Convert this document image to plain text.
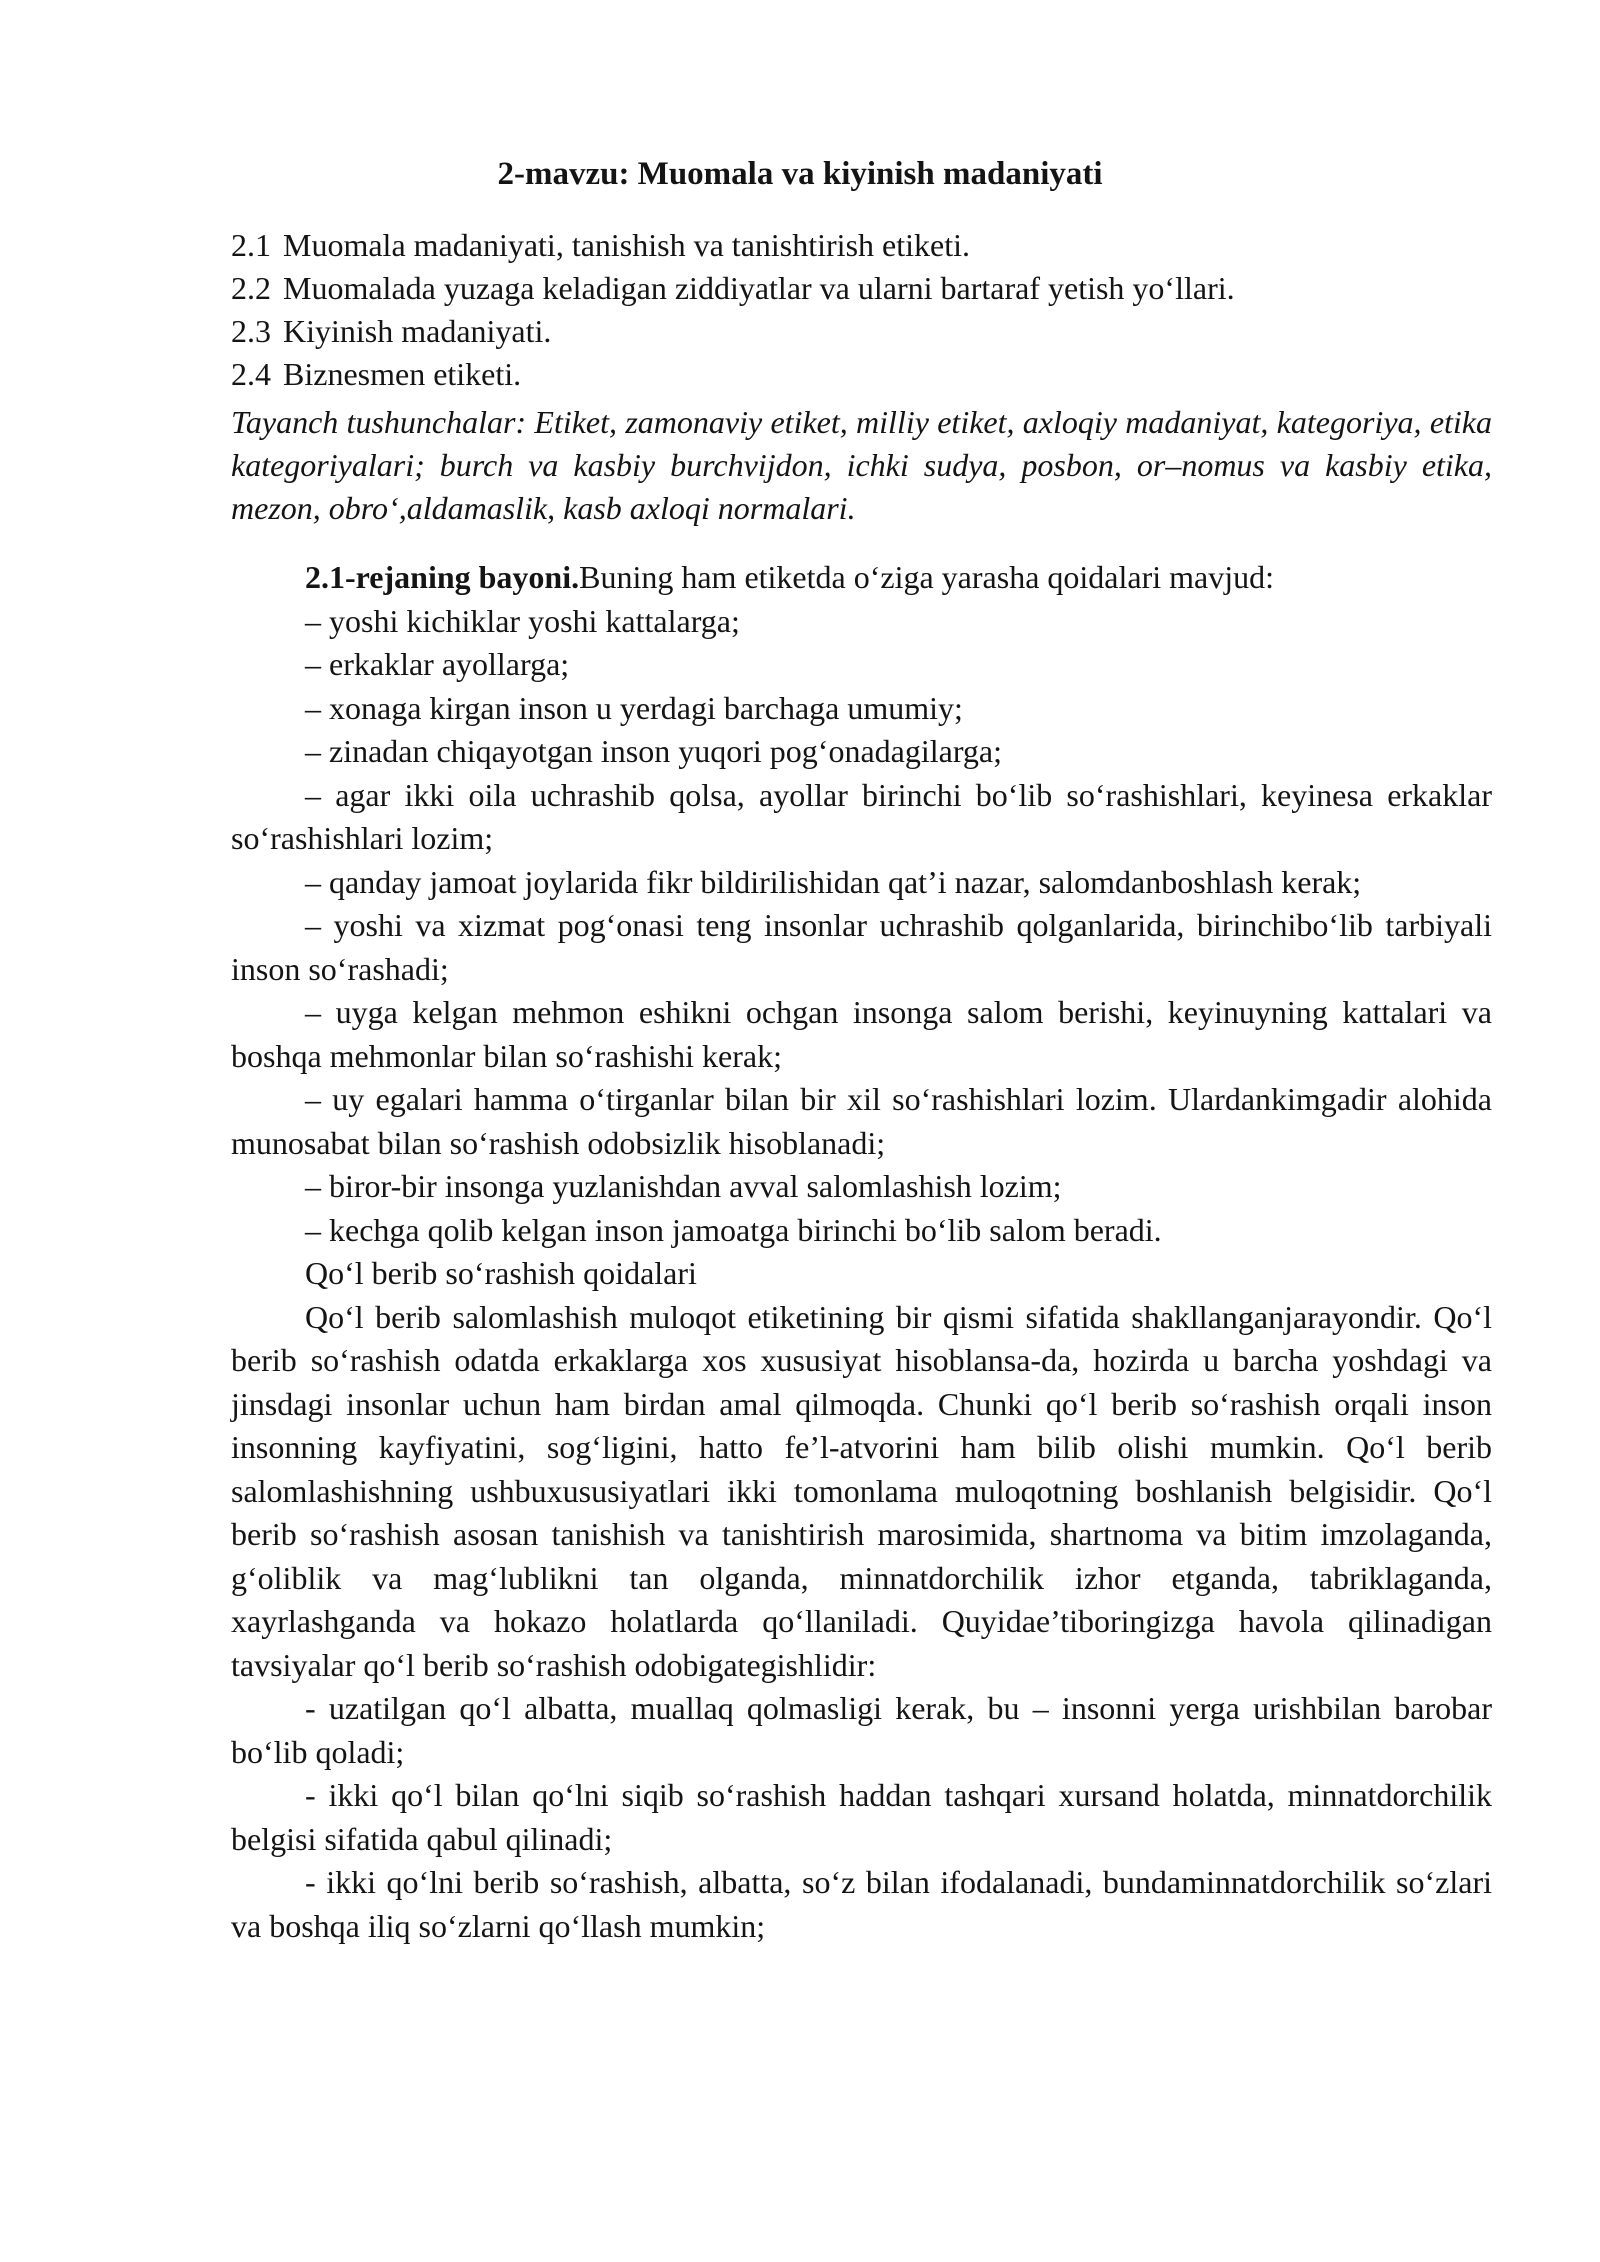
2-mavzu: Muomala va kiyinish madaniyati
2.1 Muomala madaniyati, tanishish va tanishtirish etiketi.
2.2 Muomalada yuzaga keladigan ziddiyatlar va ularni bartaraf yetish yo‘llari.
2.3 Kiyinish madaniyati.
2.4 Biznesmen etiketi.
Tayanch tushunchalar: Etiket, zamonaviy etiket, milliy etiket, axloqiy madaniyat, kategoriya, etika kategoriyalari; burch va kasbiy burchvijdon, ichki sudya, posbon, or–nomus va kasbiy etika, mezon, obro‘,aldamaslik, kasb axloqi normalari.

2.1-rejaning bayoni.Buning ham etiketda o‘ziga yarasha qoidalari mavjud:

– yoshi kichiklar yoshi kattalarga;

– erkaklar ayollarga;

– xonaga kirgan inson u yerdagi barchaga umumiy;

– zinadan chiqayotgan inson yuqori pog‘onadagilarga;

– agar ikki oila uchrashib qolsa, ayollar birinchi bo‘lib so‘rashishlari, keyinesa erkaklar so‘rashishlari lozim;

– qanday jamoat joylarida fikr bildirilishidan qat’i nazar, salomdanboshlash kerak;

– yoshi va xizmat pog‘onasi teng insonlar uchrashib qolganlarida, birinchibo‘lib tarbiyali inson so‘rashadi;

– uyga kelgan mehmon eshikni ochgan insonga salom berishi, keyinuyning kattalari va boshqa mehmonlar bilan so‘rashishi kerak;

– uy egalari hamma o‘tirganlar bilan bir xil so‘rashishlari lozim. Ulardankimgadir alohida munosabat bilan so‘rashish odobsizlik hisoblanadi;

– biror-bir insonga yuzlanishdan avval salomlashish lozim;

– kechga qolib kelgan inson jamoatga birinchi bo‘lib salom beradi.

Qo‘l berib so‘rashish qoidalari

Qo‘l berib salomlashish muloqot etiketining bir qismi sifatida shakllanganjarayondir. Qo‘l berib so‘rashish odatda erkaklarga xos xususiyat hisoblansa-da, hozirda u barcha yoshdagi va jinsdagi insonlar uchun ham birdan amal qilmoqda. Chunki qo‘l berib so‘rashish orqali inson insonning kayfiyatini, sog‘ligini, hatto fe’l-atvorini ham bilib olishi mumkin. Qo‘l berib salomlashishning ushbuxususiyatlari ikki tomonlama muloqotning boshlanish belgisidir. Qo‘l berib so‘rashish asosan tanishish va tanishtirish marosimida, shartnoma va bitim imzolaganda, g‘oliblik va mag‘lublikni tan olganda, minnatdorchilik izhor etganda, tabriklaganda, xayrlashganda va hokazo holatlarda qo‘llaniladi. Quyidae’tiboringizga havola qilinadigan tavsiyalar qo‘l berib so‘rashish odobigategishlidir:

- uzatilgan qo‘l albatta, muallaq qolmasligi kerak, bu – insonni yerga urishbilan barobar bo‘lib qoladi;

- ikki qo‘l bilan qo‘lni siqib so‘rashish haddan tashqari xursand holatda, minnatdorchilik belgisi sifatida qabul qilinadi;

- ikki qo‘lni berib so‘rashish, albatta, so‘z bilan ifodalanadi, bundaminnatdorchilik so‘zlari va boshqa iliq so‘zlarni qo‘llash mumkin;
